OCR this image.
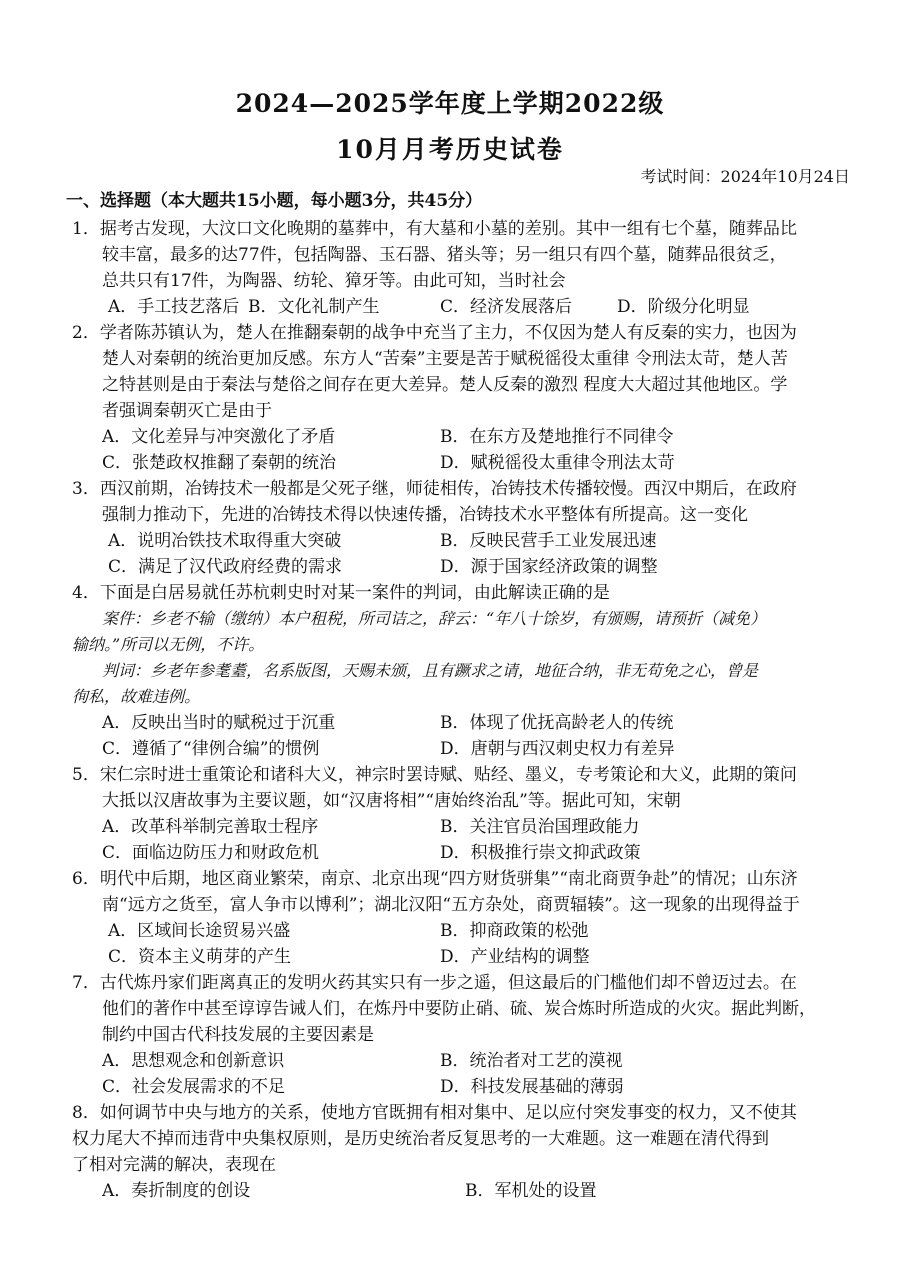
2024—2025学年度上学期2022级
10月月考历史试卷
考试时间：2024年10月24日
一、选择题（本大题共15小题，每小题3分，共45分）
1．据考古发现，大汶口文化晚期的墓葬中，有大墓和小墓的差别。其中一组有七个墓，随葬品比
较丰富，最多的达77件，包括陶器、玉石器、猪头等；另一组只有四个墓，随葬品很贫乏，
总共只有17件，为陶器、纺轮、獐牙等。由此可知，当时社会
A．手工技艺落后 B．文化礼制产生	C．经济发展落后	D．阶级分化明显
2．学者陈苏镇认为，楚人在推翻秦朝的战争中充当了主力，不仅因为楚人有反秦的实力，也因为
楚人对秦朝的统治更加反感。东方人“苦秦”主要是苦于赋税徭役太重律 令刑法太苛，楚人苦
之特甚则是由于秦法与楚俗之间存在更大差异。楚人反秦的激烈 程度大大超过其他地区。学
者强调秦朝灭亡是由于
A．文化差异与冲突激化了矛盾	B．在东方及楚地推行不同律令
C．张楚政权推翻了秦朝的统治	D．赋税徭役太重律令刑法太苛
3．西汉前期，冶铸技术一般都是父死子继，师徒相传，冶铸技术传播较慢。西汉中期后，在政府
强制力推动下，先进的冶铸技术得以快速传播，冶铸技术水平整体有所提高。这一变化
A．说明冶铁技术取得重大突破	B．反映民营手工业发展迅速
C．满足了汉代政府经费的需求	D．源于国家经济政策的调整
4．下面是白居易就任苏杭刺史时对某一案件的判词，由此解读正确的是
案件：乡老不输（缴纳）本户租税，所司诘之，辞云：“年八十馀岁，有颁赐，请预折（减免）
输纳。”所司以无例，不许。
判词：乡老年参耄耋，名系版图，天赐未颁，且有蹶求之请，地征合纳，非无苟免之心，曾是
徇私，故难违例。
A．反映出当时的赋税过于沉重	B．体现了优抚高龄老人的传统
C．遵循了“律例合编”的惯例	D．唐朝与西汉刺史权力有差异
5．宋仁宗时进士重策论和诸科大义，神宗时罢诗赋、贴经、墨义，专考策论和大义，此期的策问
大抵以汉唐故事为主要议题，如“汉唐将相”“唐始终治乱”等。据此可知，宋朝
A．改革科举制完善取士程序	B．关注官员治国理政能力
C．面临边防压力和财政危机	D．积极推行崇文抑武政策
6．明代中后期，地区商业繁荣，南京、北京出现“四方财货骈集”“南北商贾争赴”的情况；山东济
南“远方之货至，富人争市以博利”；湖北汉阳“五方杂处，商贾辐辏”。这一现象的出现得益于
A．区域间长途贸易兴盛	B．抑商政策的松弛
C．资本主义萌芽的产生	D．产业结构的调整
7．古代炼丹家们距离真正的发明火药其实只有一步之遥，但这最后的门槛他们却不曾迈过去。在
他们的著作中甚至谆谆告诫人们，在炼丹中要防止硝、硫、炭合炼时所造成的火灾。据此判断，
制约中国古代科技发展的主要因素是
A．思想观念和创新意识	B．统治者对工艺的漠视
C．社会发展需求的不足	D．科技发展基础的薄弱
8．如何调节中央与地方的关系，使地方官既拥有相对集中、足以应付突发事变的权力，又不使其
权力尾大不掉而违背中央集权原则，是历史统治者反复思考的一大难题。这一难题在清代得到
了相对完满的解决，表现在
A．奏折制度的创设	B．军机处的设置
